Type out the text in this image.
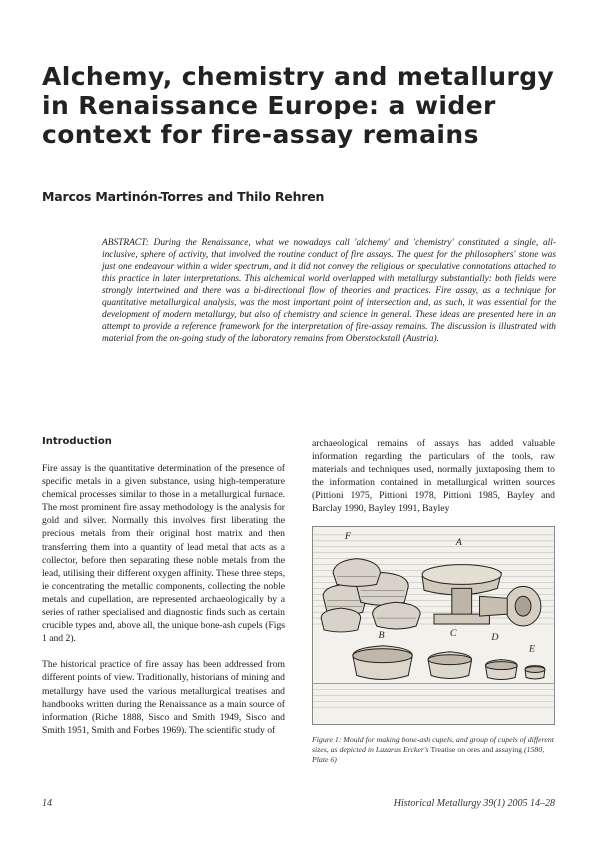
Alchemy, chemistry and metallurgy in Renaissance Europe: a wider context for fire-assay remains
Marcos Martinón-Torres and Thilo Rehren
ABSTRACT: During the Renaissance, what we nowadays call 'alchemy' and 'chemistry' constituted a single, all-inclusive, sphere of activity, that involved the routine conduct of fire assays. The quest for the philosophers' stone was just one endeavour within a wider spectrum, and it did not convey the religious or speculative connotations attached to this practice in later interpretations. This alchemical world overlapped with metallurgy substantially: both fields were strongly intertwined and there was a bi-directional flow of theories and practices. Fire assay, as a technique for quantitative metallurgical analysis, was the most important point of intersection and, as such, it was essential for the development of modern metallurgy, but also of chemistry and science in general. These ideas are presented here in an attempt to provide a reference framework for the interpretation of fire-assay remains. The discussion is illustrated with material from the on-going study of the laboratory remains from Oberstockstall (Austria).
Introduction

Fire assay is the quantitative determination of the presence of specific metals in a given substance, using high-temperature chemical processes similar to those in a metallurgical furnace. The most prominent fire assay methodology is the analysis for gold and silver. Normally this involves first liberating the precious metals from their original host matrix and then transferring them into a quantity of lead metal that acts as a collector, before then separating these noble metals from the lead, utilising their different oxygen affinity. These three steps, ie concentrating the metallic components, collecting the noble metals and cupellation, are represented archaeologically by a series of rather specialised and diagnostic finds such as certain crucible types and, above all, the unique bone-ash cupels (Figs 1 and 2).

The historical practice of fire assay has been addressed from different points of view. Traditionally, historians of mining and metallurgy have used the various metallurgical treatises and handbooks written during the Renaissance as a main source of information (Riche 1888, Sisco and Smith 1949, Sisco and Smith 1951, Smith and Forbes 1969). The scientific study of

archaeological remains of assays has added valuable information regarding the particulars of the tools, raw materials and techniques used, normally juxtaposing them to the information contained in metallurgical written sources (Pittioni 1975, Pittioni 1978, Pittioni 1985, Bayley and Barclay 1990, Bayley 1991, Bayley

F
A
B	C	D
E
Figure 1: Mould for making bone-ash cupels, and group of cupels of different sizes, as depicted in Lazarus Ercker's Treatise on ores and assaying (1580, Plate 6)
14	Historical Metallurgy 39(1) 2005 14–28
